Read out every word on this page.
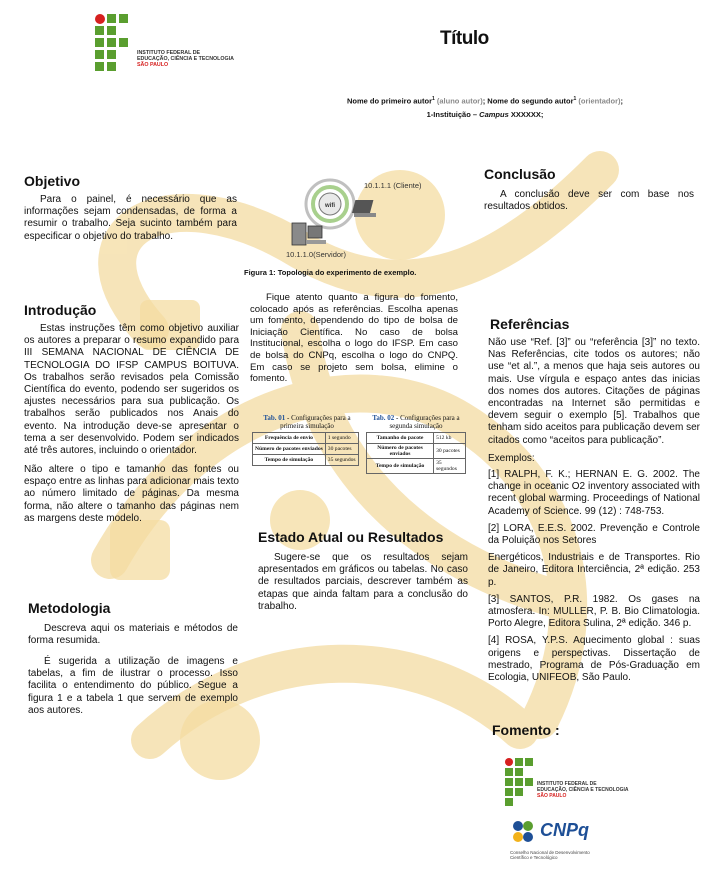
INSTITUTO FEDERAL DE
EDUCAÇÃO, CIÊNCIA E TECNOLOGIA
SÃO PAULO
Título
Nome do primeiro autor$^1$ (aluno autor); Nome do segundo autor$^1$ (orientador);
1-Instituição – Campus XXXXXX;
Objetivo

Para o painel, é necessário que as informações sejam condensadas, de forma a resumir o trabalho. Seja sucinto também para especificar o objetivo do trabalho.

wifi
10.1.1.1 (Cliente)
10.1.1.0(Servidor)
Figura 1: Topologia do experimento de exemplo.

Fique atento quanto a figura do fomento, colocado após as referências. Escolha apenas um fomento, dependendo do tipo de bolsa de Iniciação Científica. No caso de bolsa Institucional, escolha o logo do IFSP. Em caso de bolsa do CNPq, escolha o logo do CNPQ. Em caso se projeto sem bolsa, elimine o fomento.

Introdução

Estas instruções têm como objetivo auxiliar os autores a preparar o resumo expandido para III SEMANA NACIONAL DE CIÊNCIA DE TECNOLOGIA DO IFSP CAMPUS BOITUVA. Os trabalhos serão revisados pela Comissão Científica do evento, podendo ser sugeridos os ajustes necessários para sua publicação. Os trabalhos serão publicados nos Anais do evento. Na introdução deve-se apresentar o tema a ser desenvolvido. Podem ser indicados até três autores, incluindo o orientador.

Não altere o tipo e tamanho das fontes ou espaço entre as linhas para adicionar mais texto ao número limitado de páginas. Da mesma forma, não altere o tamanho das páginas nem as margens deste modelo.

Tab. 01 - Configurações para a primeira simulação
Frequência de envio	1 segundo
Número de pacotes enviados	30 pacotes
Tempo de simulação	35 segundos
Tab. 02 - Configurações para a segunda simulação
Tamanho do pacote	512 kb
Número de pacotes enviados	30 pacotes
Tempo de simulação	35 segundos
Estado Atual ou Resultados

Sugere-se que os resultados sejam apresentados em gráficos ou tabelas. No caso de resultados parciais, descrever também as etapas que ainda faltam para a conclusão do trabalho.

Metodologia

Descreva aqui os materiais e métodos de forma resumida.

É sugerida a utilização de imagens e tabelas, a fim de ilustrar o processo. Isso facilita o entendimento do público. Segue a figura 1 e a tabela 1 que servem de exemplo aos autores.

Conclusão

A conclusão deve ser com base nos resultados obtidos.

Referências

Não use “Ref. [3]” ou “referência [3]” no texto. Nas Referências, cite todos os autores; não use “et al.”, a menos que haja seis autores ou mais. Use vírgula e espaço antes das inicias dos nomes dos autores. Citações de páginas encontradas na Internet são permitidas e devem seguir o exemplo [5]. Trabalhos que tenham sido aceitos para publicação devem ser citados como “aceitos para publicação”.

Exemplos:

[1] RALPH, F. K.; HERNAN E. G. 2002. The change in oceanic O2 inventory associated with recent global warming. Proceedings of National Academy of Science. 99 (12) : 748-753.

[2] LORA, E.E.S. 2002. Prevenção e Controle da Poluição nos Setores

Energéticos, Industriais e de Transportes. Rio de Janeiro, Editora Interciência, 2ª edição. 253 p.

[3] SANTOS, P.R. 1982. Os gases na atmosfera. In: MULLER, P. B. Bio Climatologia. Porto Alegre, Editora Sulina, 2ª edição. 346 p.

[4] ROSA, Y.P.S. Aquecimento global : suas origens e perspectivas. Dissertação de mestrado, Programa de Pós-Graduação em Ecologia, UNIFEOB, São Paulo.

Fomento :
INSTITUTO FEDERAL DE
EDUCAÇÃO, CIÊNCIA E TECNOLOGIA
SÃO PAULO
CNPq
Conselho Nacional de Desenvolvimento
Científico e Tecnológico
